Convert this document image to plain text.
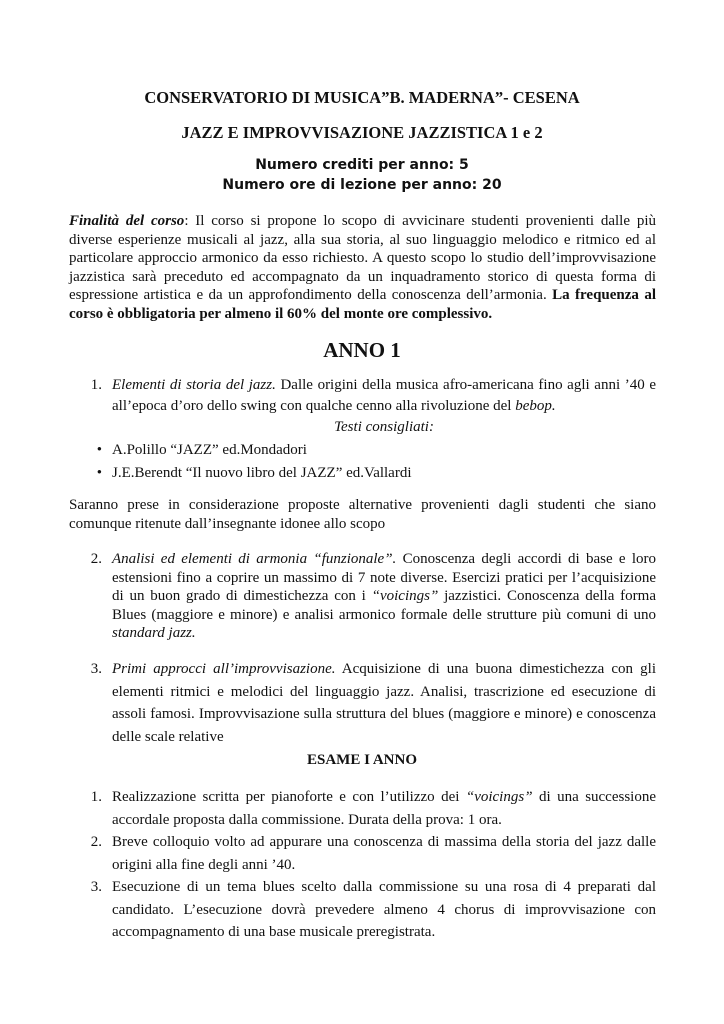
CONSERVATORIO DI MUSICA”B. MADERNA”- CESENA
JAZZ E IMPROVVISAZIONE JAZZISTICA 1 e 2
Numero crediti per anno: 5
Numero ore di lezione per anno: 20
Finalità del corso: Il corso si propone lo scopo di avvicinare studenti provenienti dalle più diverse esperienze musicali al jazz, alla sua storia, al suo linguaggio melodico e ritmico ed al particolare approccio armonico da esso richiesto. A questo scopo lo studio dell’improvvisazione jazzistica sarà preceduto ed accompagnato da un inquadramento storico di questa forma di espressione artistica e da un approfondimento della conoscenza dell’armonia. La frequenza al corso è obbligatoria per almeno il 60% del monte ore complessivo.
ANNO 1
1. Elementi di storia del jazz. Dalle origini della musica afro-americana fino agli anni ’40 e all’epoca d’oro dello swing con qualche cenno alla rivoluzione del bebop.
Testi consigliati:
• A.Polillo “JAZZ” ed.Mondadori
• J.E.Berendt “Il nuovo libro del JAZZ” ed.Vallardi
Saranno prese in considerazione proposte alternative provenienti dagli studenti che siano comunque ritenute dall’insegnante idonee allo scopo
2. Analisi ed elementi di armonia “funzionale”. Conoscenza degli accordi di base e loro estensioni fino a coprire un massimo di 7 note diverse. Esercizi pratici per l’acquisizione di un buon grado di dimestichezza con i “voicings” jazzistici. Conoscenza della forma Blues (maggiore e minore) e analisi armonico formale delle strutture più comuni di uno standard jazz.
3. Primi approcci all’improvvisazione. Acquisizione di una buona dimestichezza con gli elementi ritmici e melodici del linguaggio jazz. Analisi, trascrizione ed esecuzione di assoli famosi. Improvvisazione sulla struttura del blues (maggiore e minore) e conoscenza delle scale relative
ESAME I ANNO
1. Realizzazione scritta per pianoforte e con l’utilizzo dei “voicings” di una successione accordale proposta dalla commissione. Durata della prova: 1 ora.
2. Breve colloquio volto ad appurare una conoscenza di massima della storia del jazz dalle origini alla fine degli anni ’40.
3. Esecuzione di un tema blues scelto dalla commissione su una rosa di 4 preparati dal candidato. L’esecuzione dovrà prevedere almeno 4 chorus di improvvisazione con accompagnamento di una base musicale preregistrata.
